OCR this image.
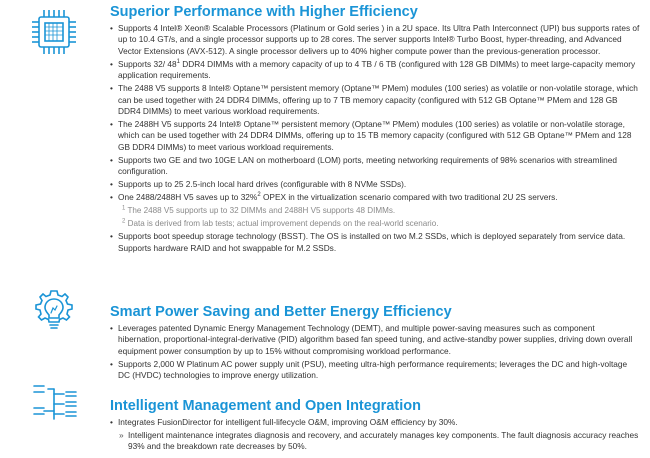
Superior Performance with Higher Efficiency
• Supports 4 Intel® Xeon® Scalable Processors (Platinum or Gold series ) in a 2U space. Its Ultra Path Interconnect (UPI) bus supports rates of up to 10.4 GT/s, and a single processor supports up to 28 cores. The server supports Intel® Turbo Boost, hyper-threading, and Advanced Vector Extensions (AVX-512). A single processor delivers up to 40% higher compute power than the previous-generation processor.
• Supports 32/ $48^1$ DDR4 DIMMs with a memory capacity of up to 4 TB / 6 TB (configured with 128 GB DIMMs) to meet large-capacity memory application requirements.
• The 2488 V5 supports 8 Intel® Optane™ persistent memory (Optane™ PMem) modules (100 series) as volatile or non-volatile storage, which can be used together with 24 DDR4 DIMMs, offering up to 7 TB memory capacity (configured with 512 GB Optane™ PMem and 128 GB DDR4 DIMMs) to meet various workload requirements.
• The 2488H V5 supports 24 Intel® Optane™ persistent memory (Optane™ PMem) modules (100 series) as volatile or non-volatile storage, which can be used together with 24 DDR4 DIMMs, offering up to 15 TB memory capacity (configured with 512 GB Optane™ PMem and 128 GB DDR4 DIMMs) to meet various workload requirements.
• Supports two GE and two 10GE LAN on motherboard (LOM) ports, meeting networking requirements of 98% scenarios with streamlined configuration.
• Supports up to 25 2.5-inch local hard drives (configurable with 8 NVMe SSDs).
• One 2488/2488H V5 saves up to 32%$^2$ OPEX in the virtualization scenario compared with two traditional 2U 2S servers.
$^1$ The 2488 V5 supports up to 32 DIMMs and 2488H V5 supports 48 DIMMs.
$^2$ Data is derived from lab tests; actual improvement depends on the real-world scenario.
• Supports boot speedup storage technology (BSST). The OS is installed on two M.2 SSDs, which is deployed separately from service data. Supports hardware RAID and hot swappable for M.2 SSDs.
Smart Power Saving and Better Energy Efficiency
• Leverages patented Dynamic Energy Management Technology (DEMT), and multiple power-saving measures such as component hibernation, proportional-integral-derivative (PID) algorithm based fan speed tuning, and active-standby power supplies, driving down overall equipment power consumption by up to 15% without compromising workload performance.
• Supports 2,000 W Platinum AC power supply unit (PSU), meeting ultra-high performance requirements; leverages the DC and high-voltage DC (HVDC) technologies to improve energy utilization.
Intelligent Management and Open Integration
• Integrates FusionDirector for intelligent full-lifecycle O&M, improving O&M efficiency by 30%.
» Intelligent maintenance integrates diagnosis and recovery, and accurately manages key components. The fault diagnosis accuracy reaches 93% and the breakdown rate decreases by 50%.
